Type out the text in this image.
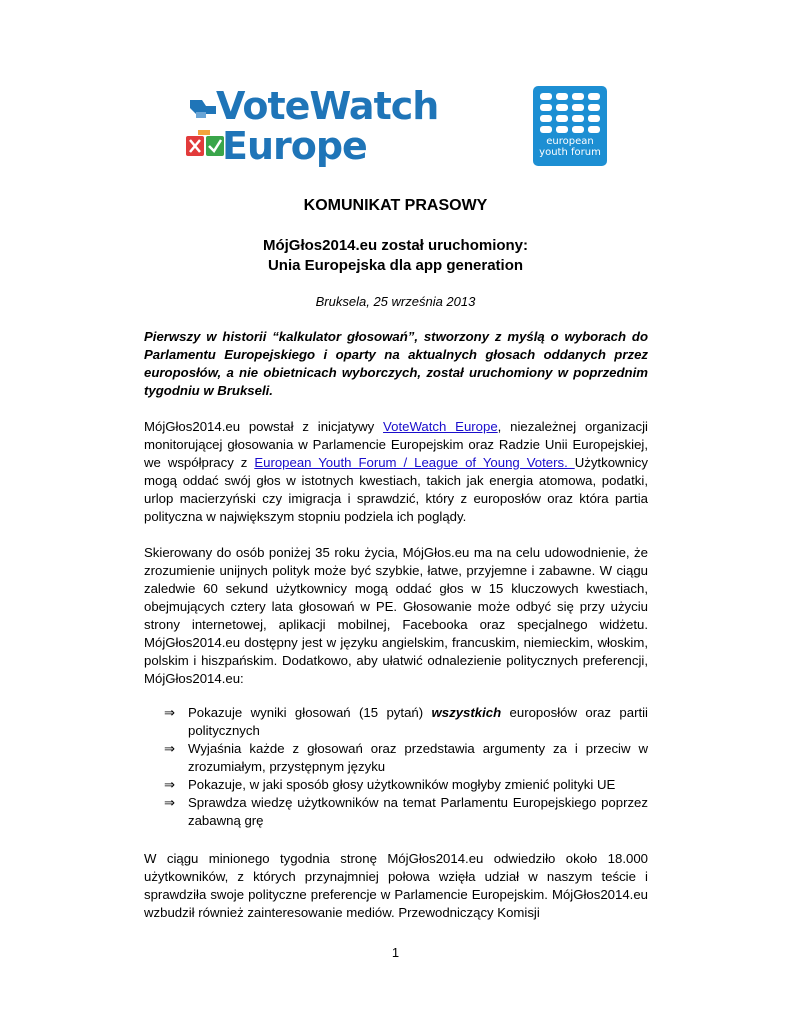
VoteWatch
Europe	european
youth forum
KOMUNIKAT PRASOWY
MójGłos2014.eu został uruchomiony:
Unia Europejska dla app generation
Bruksela, 25 września 2013
Pierwszy w historii “kalkulator głosowań”, stworzony z myślą o wyborach do Parlamentu Europejskiego i oparty na aktualnych głosach oddanych przez europosłów, a nie obietnicach wyborczych, został uruchomiony w poprzednim tygodniu w Brukseli.
MójGłos2014.eu powstał z inicjatywy VoteWatch Europe, niezależnej organizacji monitorującej głosowania w Parlamencie Europejskim oraz Radzie Unii Europejskiej, we współpracy z European Youth Forum / League of Young Voters. Użytkownicy mogą oddać swój głos w istotnych kwestiach, takich jak energia atomowa, podatki, urlop macierzyński czy imigracja i sprawdzić, który z europosłów oraz która partia polityczna w największym stopniu podziela ich poglądy.
Skierowany do osób poniżej 35 roku życia, MójGłos.eu ma na celu udowodnienie, że zrozumienie unijnych polityk może być szybkie, łatwe, przyjemne i zabawne. W ciągu zaledwie 60 sekund użytkownicy mogą oddać głos w 15 kluczowych kwestiach, obejmujących cztery lata głosowań w PE. Głosowanie może odbyć się przy użyciu strony internetowej, aplikacji mobilnej, Facebooka oraz specjalnego widżetu. MójGłos2014.eu dostępny jest w języku angielskim, francuskim, niemieckim, włoskim, polskim i hiszpańskim. Dodatkowo, aby ułatwić odnalezienie politycznych preferencji, MójGłos2014.eu:
⇒ Pokazuje wyniki głosowań (15 pytań) wszystkich europosłów oraz partii politycznych
⇒ Wyjaśnia każde z głosowań oraz przedstawia argumenty za i przeciw w zrozumiałym, przystępnym języku
⇒ Pokazuje, w jaki sposób głosy użytkowników mogłyby zmienić polityki UE
⇒ Sprawdza wiedzę użytkowników na temat Parlamentu Europejskiego poprzez zabawną grę
W ciągu minionego tygodnia stronę MójGłos2014.eu odwiedziło około 18.000 użytkowników, z których przynajmniej połowa wzięła udział w naszym teście i sprawdziła swoje polityczne preferencje w Parlamencie Europejskim. MójGłos2014.eu wzbudził również zainteresowanie mediów. Przewodniczący Komisji
1
